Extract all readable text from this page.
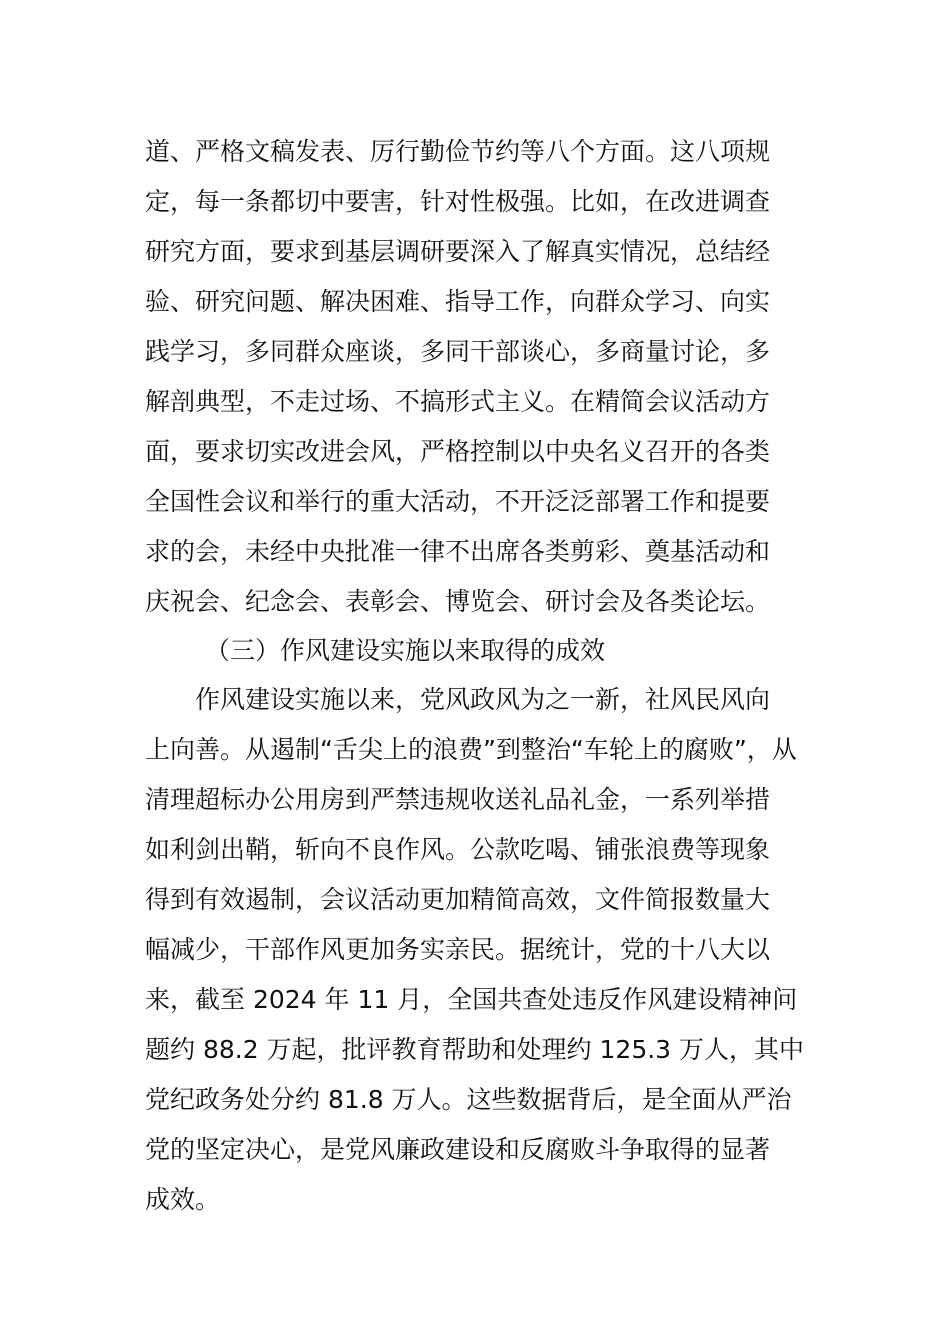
道、严格文稿发表、厉行勤俭节约等八个方面。这八项规
定，每一条都切中要害，针对性极强。比如，在改进调查
研究方面，要求到基层调研要深入了解真实情况，总结经
验、研究问题、解决困难、指导工作，向群众学习、向实
践学习，多同群众座谈，多同干部谈心，多商量讨论，多
解剖典型，不走过场、不搞形式主义。在精简会议活动方
面，要求切实改进会风，严格控制以中央名义召开的各类
全国性会议和举行的重大活动，不开泛泛部署工作和提要
求的会，未经中央批准一律不出席各类剪彩、奠基活动和
庆祝会、纪念会、表彰会、博览会、研讨会及各类论坛。
（三）作风建设实施以来取得的成效
作风建设实施以来，党风政风为之一新，社风民风向
上向善。从遏制“舌尖上的浪费”到整治“车轮上的腐败”，从
清理超标办公用房到严禁违规收送礼品礼金，一系列举措
如利剑出鞘，斩向不良作风。公款吃喝、铺张浪费等现象
得到有效遏制，会议活动更加精简高效，文件简报数量大
幅减少，干部作风更加务实亲民。据统计，党的十八大以
来，截至 2024 年 11 月，全国共查处违反作风建设精神问
题约 88.2 万起，批评教育帮助和处理约 125.3 万人，其中
党纪政务处分约 81.8 万人。这些数据背后，是全面从严治
党的坚定决心，是党风廉政建设和反腐败斗争取得的显著
成效。
